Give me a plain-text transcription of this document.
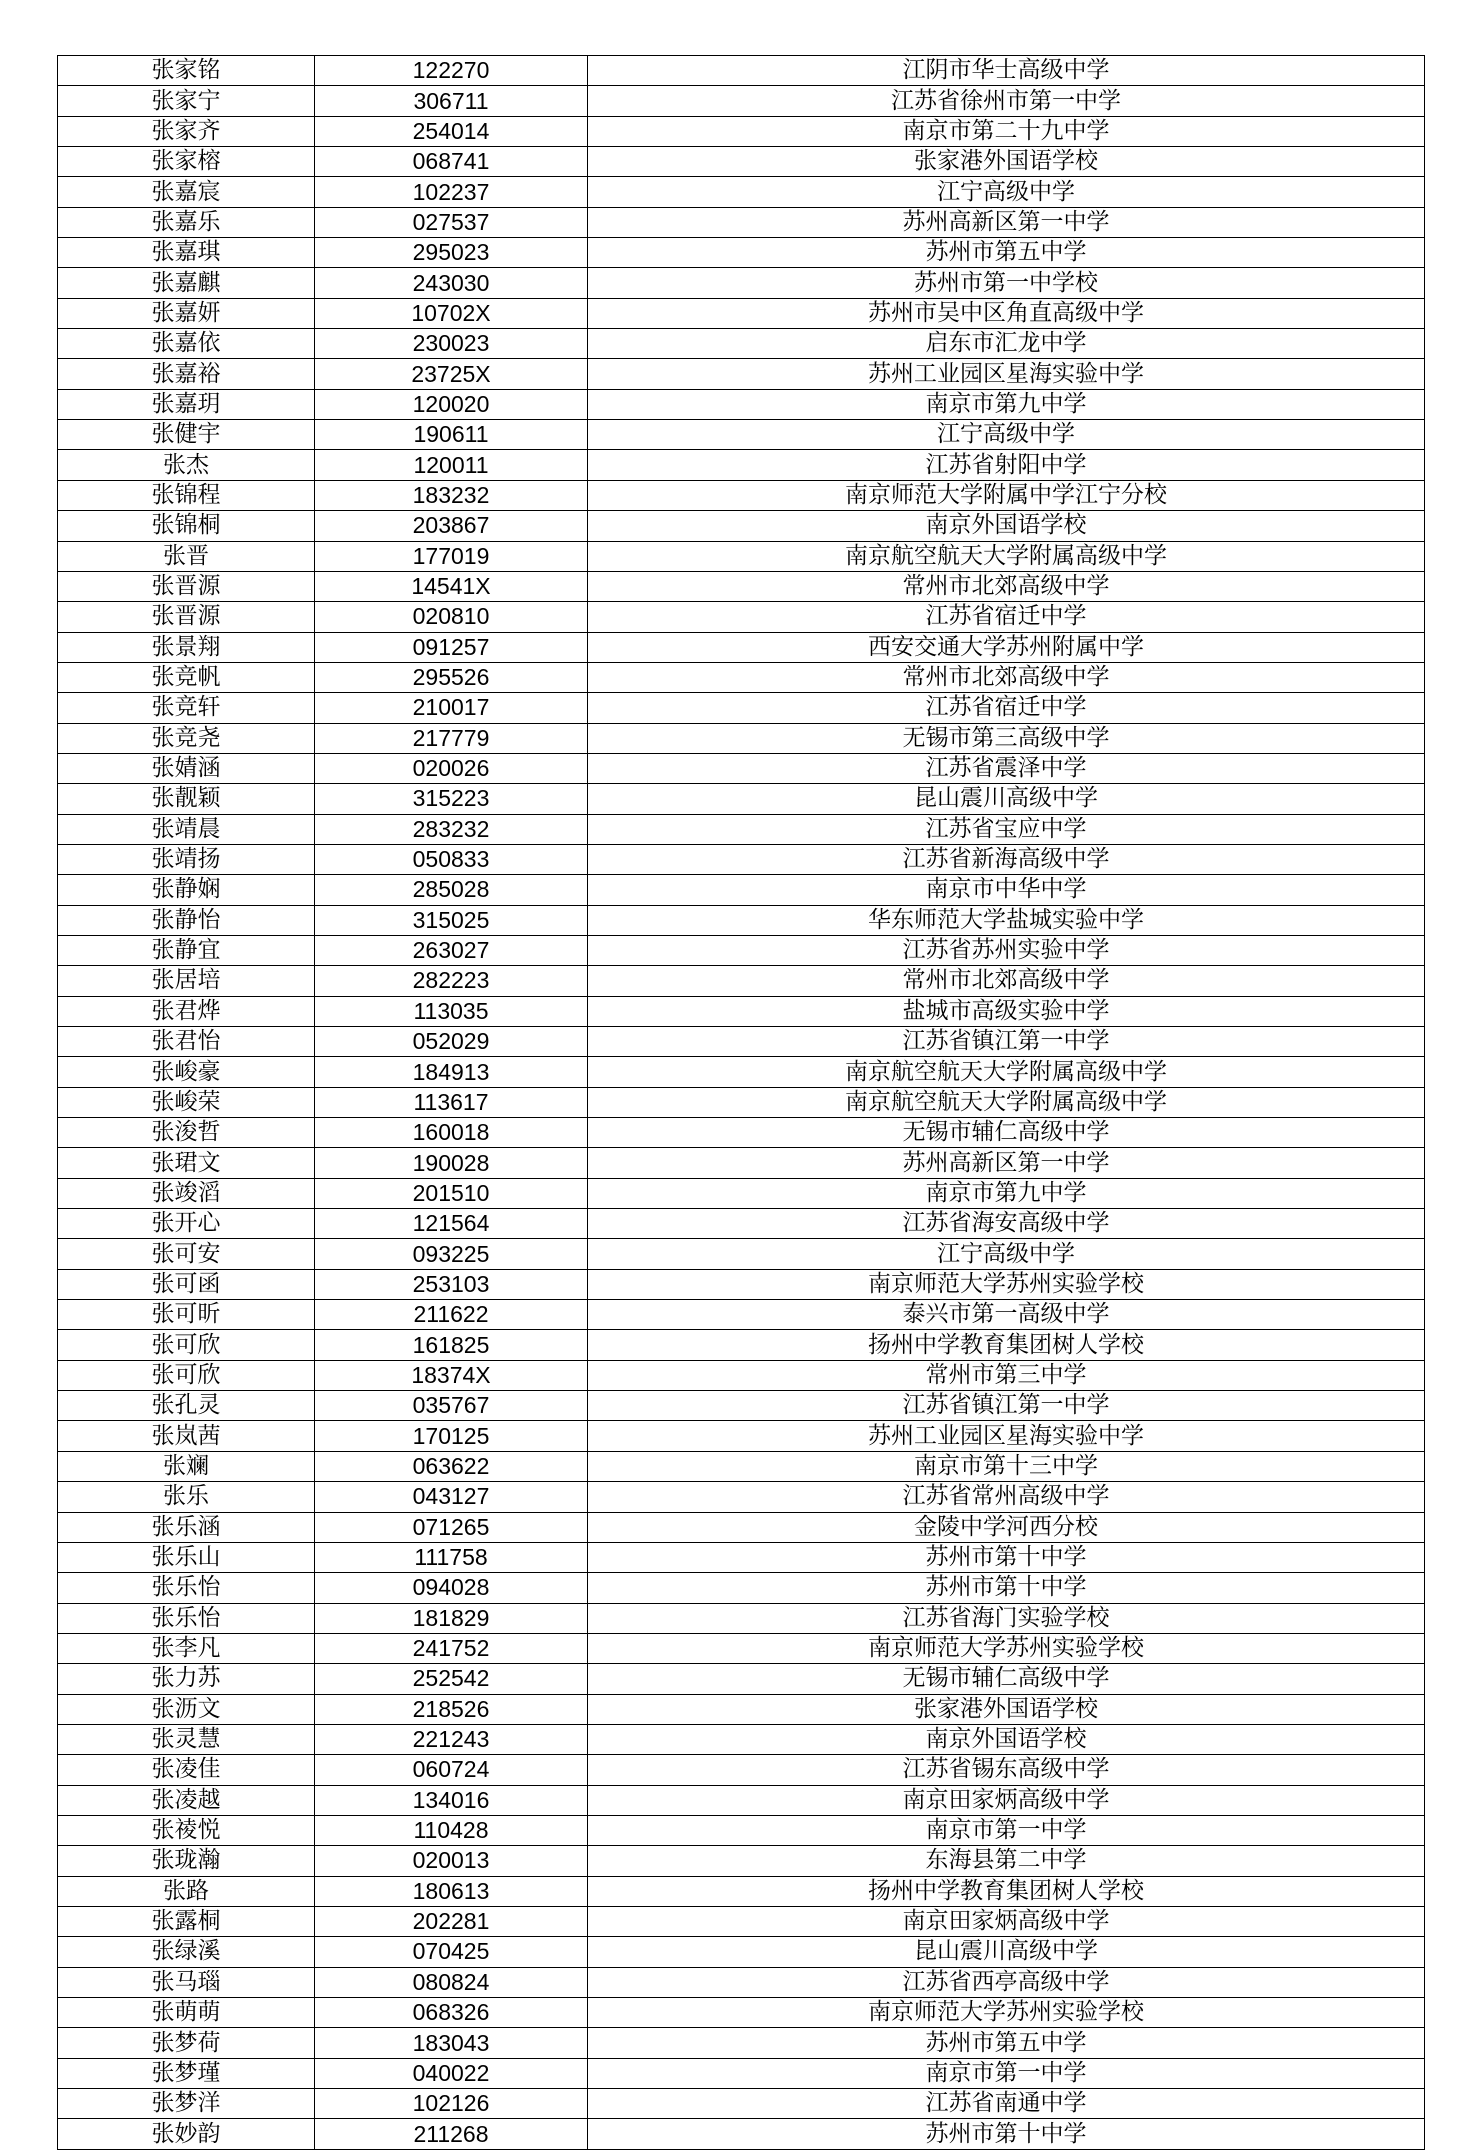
张家铭	122270	江阴市华士高级中学
张家宁	306711	江苏省徐州市第一中学
张家齐	254014	南京市第二十九中学
张家榕	068741	张家港外国语学校
张嘉宸	102237	江宁高级中学
张嘉乐	027537	苏州高新区第一中学
张嘉琪	295023	苏州市第五中学
张嘉麒	243030	苏州市第一中学校
张嘉妍	10702X	苏州市吴中区角直高级中学
张嘉依	230023	启东市汇龙中学
张嘉裕	23725X	苏州工业园区星海实验中学
张嘉玥	120020	南京市第九中学
张健宇	190611	江宁高级中学
张杰	120011	江苏省射阳中学
张锦程	183232	南京师范大学附属中学江宁分校
张锦桐	203867	南京外国语学校
张晋	177019	南京航空航天大学附属高级中学
张晋源	14541X	常州市北郊高级中学
张晋源	020810	江苏省宿迁中学
张景翔	091257	西安交通大学苏州附属中学
张竞帆	295526	常州市北郊高级中学
张竞轩	210017	江苏省宿迁中学
张竞尧	217779	无锡市第三高级中学
张婧涵	020026	江苏省震泽中学
张靓颖	315223	昆山震川高级中学
张靖晨	283232	江苏省宝应中学
张靖扬	050833	江苏省新海高级中学
张静娴	285028	南京市中华中学
张静怡	315025	华东师范大学盐城实验中学
张静宜	263027	江苏省苏州实验中学
张居培	282223	常州市北郊高级中学
张君烨	113035	盐城市高级实验中学
张君怡	052029	江苏省镇江第一中学
张峻豪	184913	南京航空航天大学附属高级中学
张峻荣	113617	南京航空航天大学附属高级中学
张浚哲	160018	无锡市辅仁高级中学
张珺文	190028	苏州高新区第一中学
张竣滔	201510	南京市第九中学
张开心	121564	江苏省海安高级中学
张可安	093225	江宁高级中学
张可函	253103	南京师范大学苏州实验学校
张可昕	211622	泰兴市第一高级中学
张可欣	161825	扬州中学教育集团树人学校
张可欣	18374X	常州市第三中学
张孔灵	035767	江苏省镇江第一中学
张岚茜	170125	苏州工业园区星海实验中学
张斓	063622	南京市第十三中学
张乐	043127	江苏省常州高级中学
张乐涵	071265	金陵中学河西分校
张乐山	111758	苏州市第十中学
张乐怡	094028	苏州市第十中学
张乐怡	181829	江苏省海门实验学校
张李凡	241752	南京师范大学苏州实验学校
张力苏	252542	无锡市辅仁高级中学
张沥文	218526	张家港外国语学校
张灵慧	221243	南京外国语学校
张凌佳	060724	江苏省锡东高级中学
张凌越	134016	南京田家炳高级中学
张祾悦	110428	南京市第一中学
张珑瀚	020013	东海县第二中学
张路	180613	扬州中学教育集团树人学校
张露桐	202281	南京田家炳高级中学
张绿溪	070425	昆山震川高级中学
张马瑙	080824	江苏省西亭高级中学
张萌萌	068326	南京师范大学苏州实验学校
张梦荷	183043	苏州市第五中学
张梦瑾	040022	南京市第一中学
张梦洋	102126	江苏省南通中学
张妙韵	211268	苏州市第十中学
